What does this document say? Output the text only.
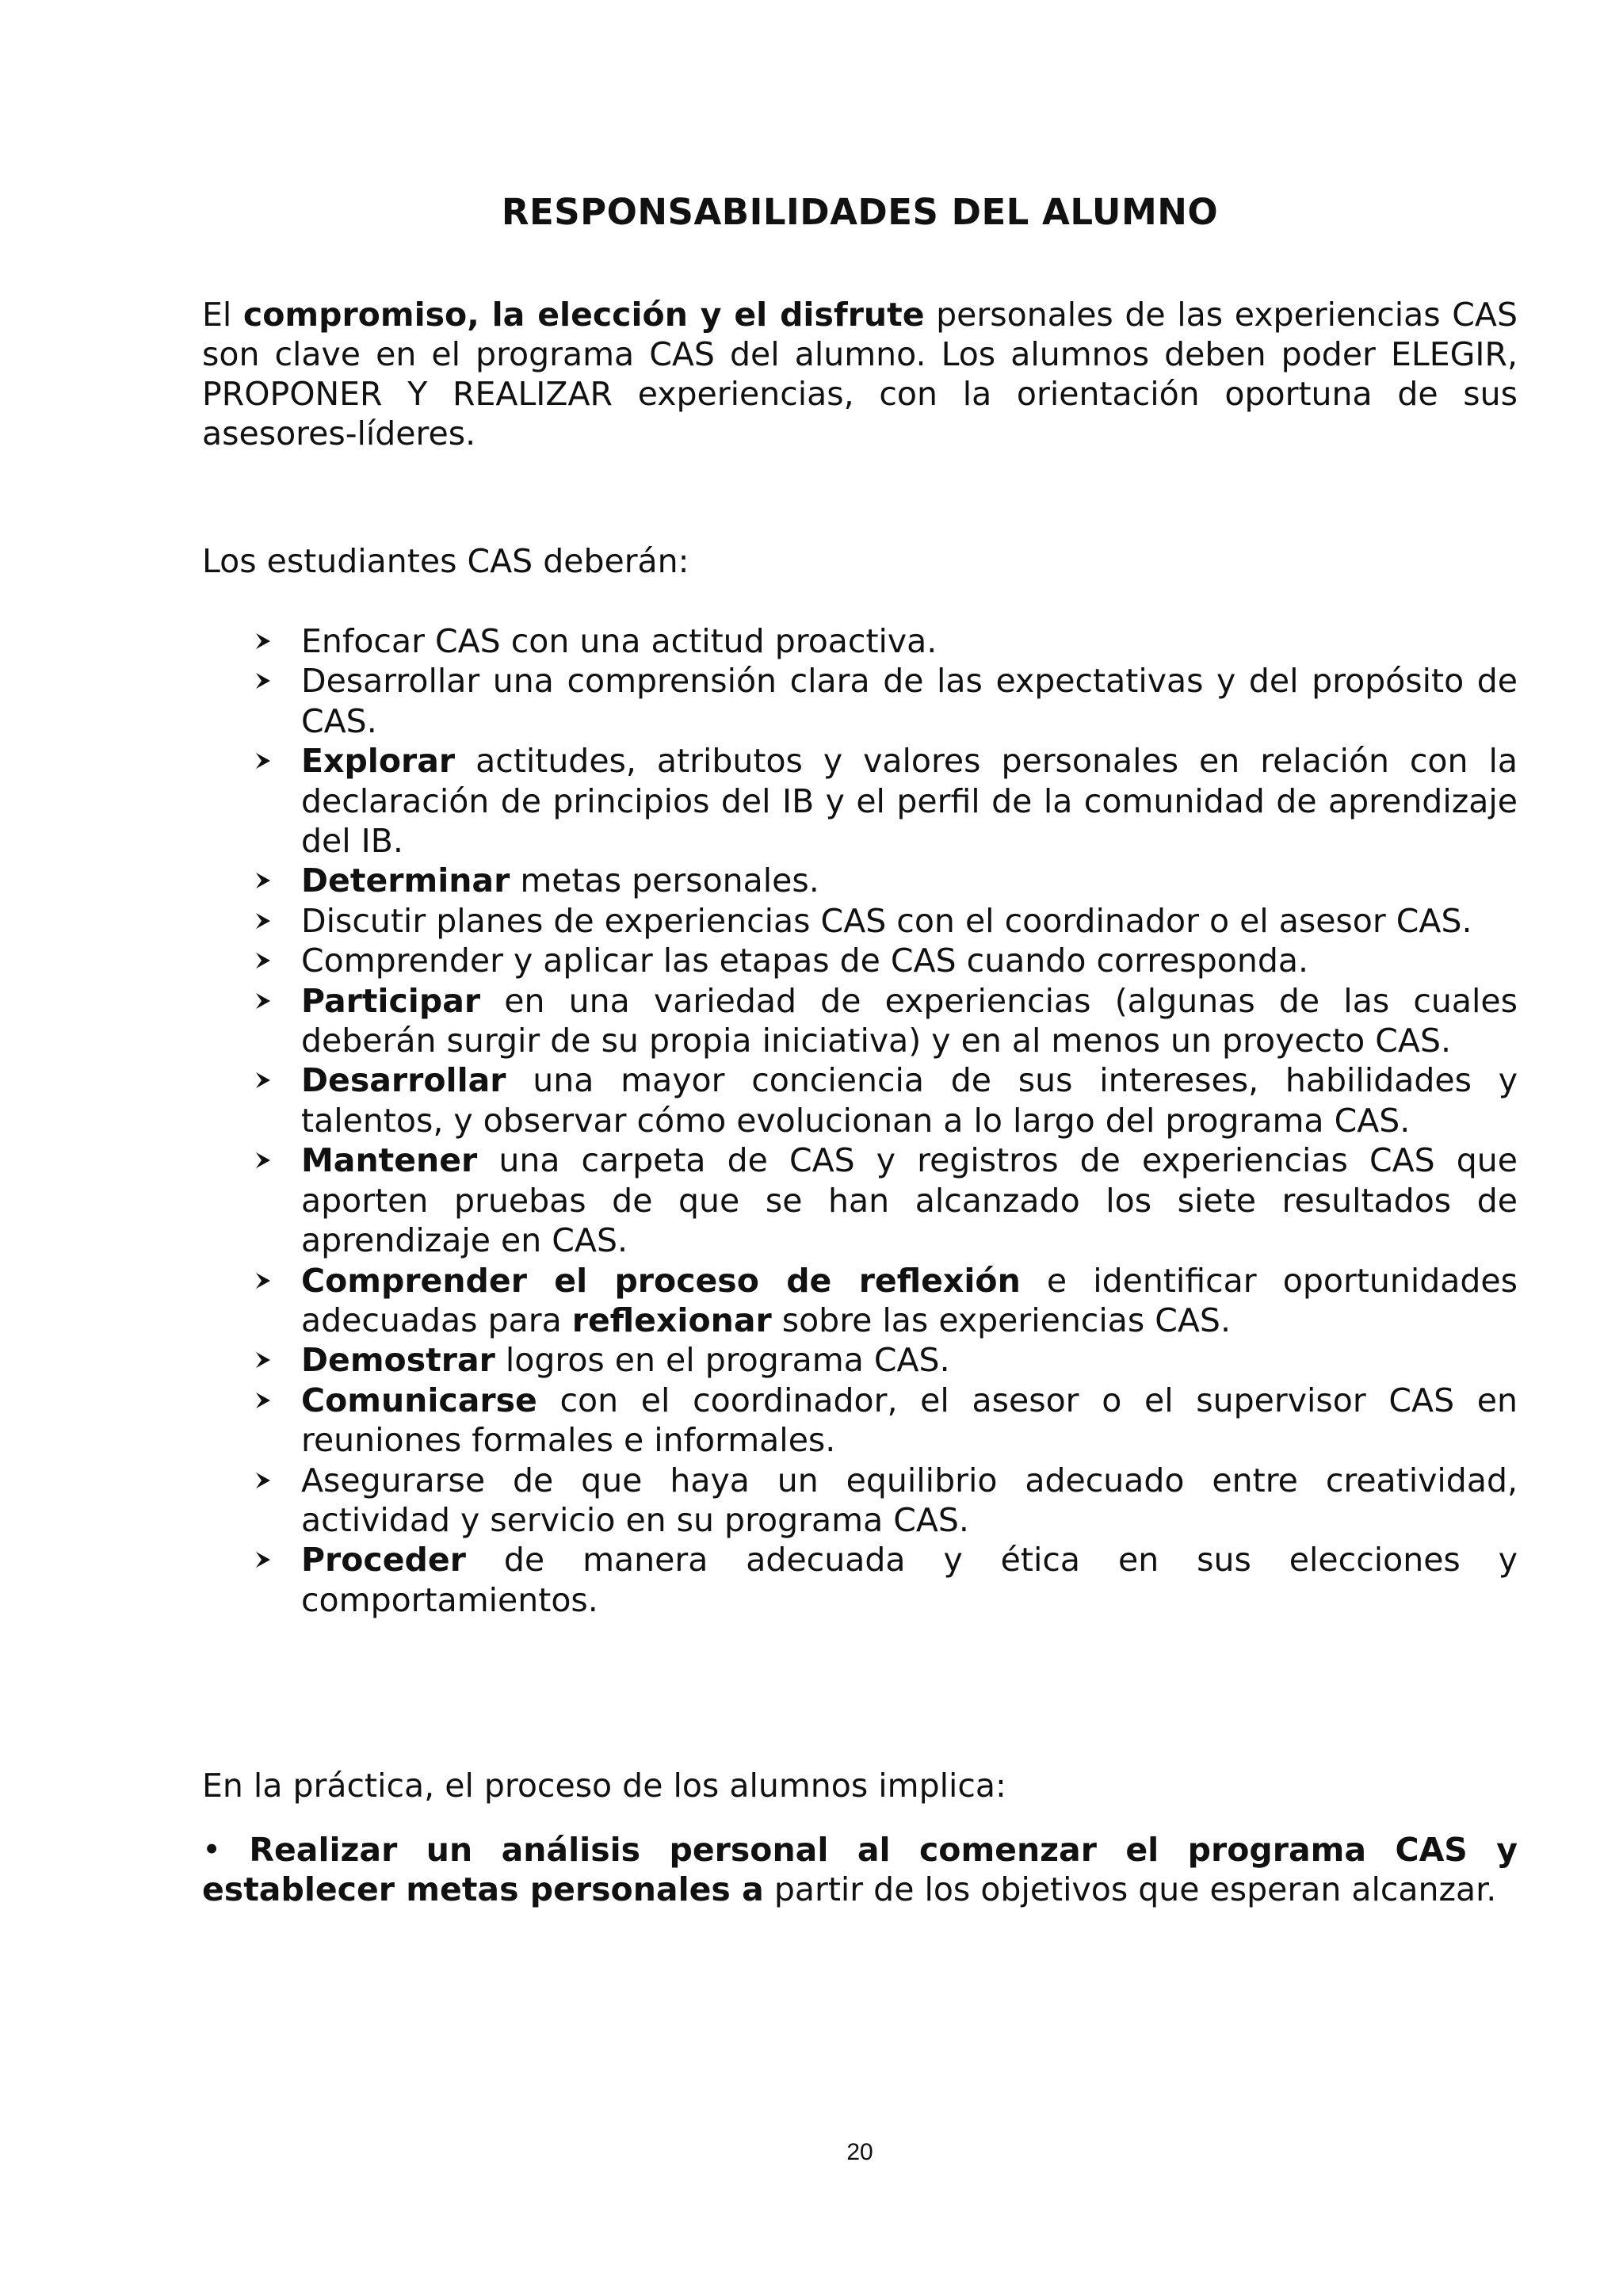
RESPONSABILIDADES DEL ALUMNO

El compromiso, la elección y el disfrute personales de las experiencias CAS son clave en el programa CAS del alumno. Los alumnos deben poder ELEGIR, PROPONER Y REALIZAR experiencias, con la orientación oportuna de sus asesores-líderes.

Los estudiantes CAS deberán:

Enfocar CAS con una actitud proactiva.
Desarrollar una comprensión clara de las expectativas y del propósito de CAS.
Explorar actitudes, atributos y valores personales en relación con la declaración de principios del IB y el perfil de la comunidad de aprendizaje del IB.
Determinar metas personales.
Discutir planes de experiencias CAS con el coordinador o el asesor CAS.
Comprender y aplicar las etapas de CAS cuando corresponda.
Participar en una variedad de experiencias (algunas de las cuales deberán surgir de su propia iniciativa) y en al menos un proyecto CAS.
Desarrollar una mayor conciencia de sus intereses, habilidades y talentos, y observar cómo evolucionan a lo largo del programa CAS.
Mantener una carpeta de CAS y registros de experiencias CAS que aporten pruebas de que se han alcanzado los siete resultados de aprendizaje en CAS.
Comprender el proceso de reflexión e identificar oportunidades adecuadas para reflexionar sobre las experiencias CAS.
Demostrar logros en el programa CAS.
Comunicarse con el coordinador, el asesor o el supervisor CAS en reuniones formales e informales.
Asegurarse de que haya un equilibrio adecuado entre creatividad, actividad y servicio en su programa CAS.
Proceder de manera adecuada y ética en sus elecciones y comportamientos.

En la práctica, el proceso de los alumnos implica:

• Realizar un análisis personal al comenzar el programa CAS y establecer metas personales a partir de los objetivos que esperan alcanzar.

20
